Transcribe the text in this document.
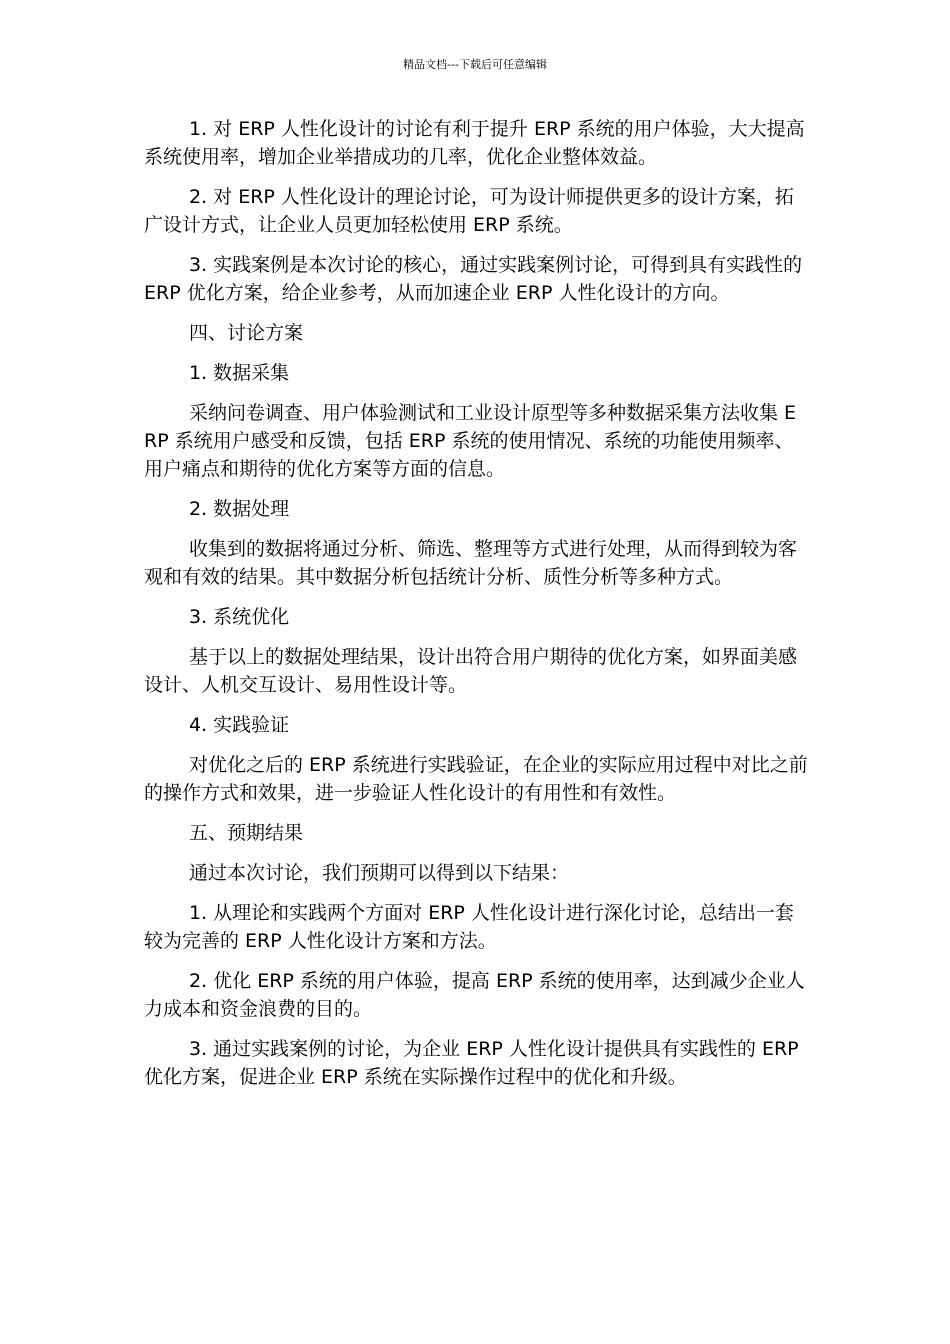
精品文档---下载后可任意编辑

1. 对 ERP 人性化设计的讨论有利于提升 ERP 系统的用户体验，大大提高系统使用率，增加企业举措成功的几率，优化企业整体效益。

2. 对 ERP 人性化设计的理论讨论，可为设计师提供更多的设计方案，拓广设计方式，让企业人员更加轻松使用 ERP 系统。

3. 实践案例是本次讨论的核心，通过实践案例讨论，可得到具有实践性的 ERP 优化方案，给企业参考，从而加速企业 ERP 人性化设计的方向。

四、讨论方案

1. 数据采集

采纳问卷调查、用户体验测试和工业设计原型等多种数据采集方法收集 ERP 系统用户感受和反馈，包括 ERP 系统的使用情况、系统的功能使用频率、用户痛点和期待的优化方案等方面的信息。

2. 数据处理

收集到的数据将通过分析、筛选、整理等方式进行处理，从而得到较为客观和有效的结果。其中数据分析包括统计分析、质性分析等多种方式。

3. 系统优化

基于以上的数据处理结果，设计出符合用户期待的优化方案，如界面美感设计、人机交互设计、易用性设计等。

4. 实践验证

对优化之后的 ERP 系统进行实践验证，在企业的实际应用过程中对比之前的操作方式和效果，进一步验证人性化设计的有用性和有效性。

五、预期结果

通过本次讨论，我们预期可以得到以下结果：

1. 从理论和实践两个方面对 ERP 人性化设计进行深化讨论，总结出一套较为完善的 ERP 人性化设计方案和方法。

2. 优化 ERP 系统的用户体验，提高 ERP 系统的使用率，达到减少企业人力成本和资金浪费的目的。

3. 通过实践案例的讨论，为企业 ERP 人性化设计提供具有实践性的 ERP 优化方案，促进企业 ERP 系统在实际操作过程中的优化和升级。
